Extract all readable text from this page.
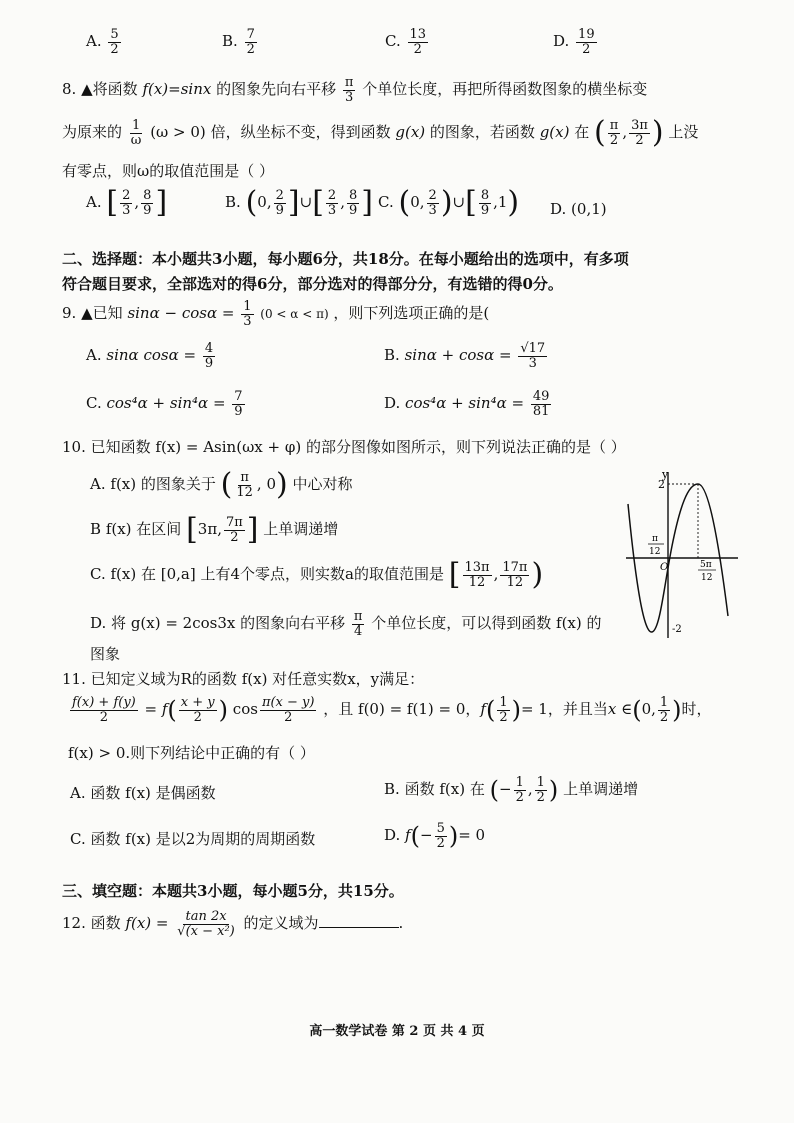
A. $\frac{5}{2}$	B. $\frac{7}{2}$	C. $\frac{13}{2}$	D. $\frac{19}{2}$
8. ▲将函数 f(x)=sinx 的图象先向右平移 $\frac{\pi}{3}$ 个单位长度，再把所得函数图象的横坐标变
为原来的 $\frac{1}{\omega} (\omega > 0)$ 倍，纵坐标不变，得到函数 g(x) 的图象，若函数 g(x) 在 ( $\frac{\pi}{2}$ , $\frac{3\pi}{2}$ ) 上没
有零点，则ω的取值范围是（ ）
A. [ $\frac{2}{3}$ , $\frac{8}{9}$ ]	B. (0, $\frac{2}{9}$ ]∪[ $\frac{2}{3}$ , $\frac{8}{9}$ ] C. (0, $\frac{2}{3}$ )∪[ $\frac{8}{9} ,1$) D. (0,1)
二、选择题：本小题共3小题，每小题6分，共18分。在每小题给出的选项中，有多项
符合题目要求，全部选对的得6分，部分选对的得部分分，有选错的得0分。
9. ▲已知 $\sin\alpha - \cos\alpha = \frac{1}{3} (0 < \alpha < \pi)$ ，则下列选项正确的是(
A. sinα $\cos\alpha = \frac{4}{9}$	B. $\sin\alpha + \cos\alpha = \frac{√17}{3}$
C. $\cos^4\alpha + \sin^4\alpha = \frac{7}{9}$	D. $\cos^4\alpha + \sin^4\alpha = \frac{49}{81}$
10. 已知函数 f(x) = Asin(ωx + φ) 的部分图像如图所示，则下列说法正确的是（ ）
A. f(x) 的图象关于 ( $\frac{\pi}{12}$ , 0) 中心对称
B f(x) 在区间 [3π, $\frac{7\pi}{2}$ ] 上单调递增
C. f(x) 在 [0,a] 上有4个零点，则实数a的取值范围是 [ $\frac{13\pi}{12}$ , $\frac{17\pi}{12}$ )
D. 将 g(x) = 2cos3x 的图象向右平移 $\frac{\pi}{4}$ 个单位长度，可以得到函数 f(x) 的
图象
y
2
-2
π
12
O	5π
12
11. 已知定义域为R的函数 f(x) 对任意实数x，y满足：
$\frac{f(x) + f(y)}{2} = f( \frac{x + y}{2}$ ) $\cos \frac{\pi(x - y)}{2}$ ，且 f(0) = f(1) = 0，$f( \frac{1}{2}$ )= 1，并且当x ∈(0, $\frac{1}{2}$ )时，
f(x) > 0.则下列结论中正确的有（ ）
A. 函数 f(x) 是偶函数	B. 函数 f(x) 在 (− $\frac{1}{2}$ , $\frac{1}{2}$ ) 上单调递增
C. 函数 f(x) 是以2为周期的周期函数	D. $f(- \frac{5}{2}$ )= 0
三、填空题：本题共3小题，每小题5分，共15分。
12. 函数 $f(x) = \frac{\tan 2x}{\text{√(x − x²)}}$ 的定义域为	.
高一数学试卷 第 2 页 共 4 页
